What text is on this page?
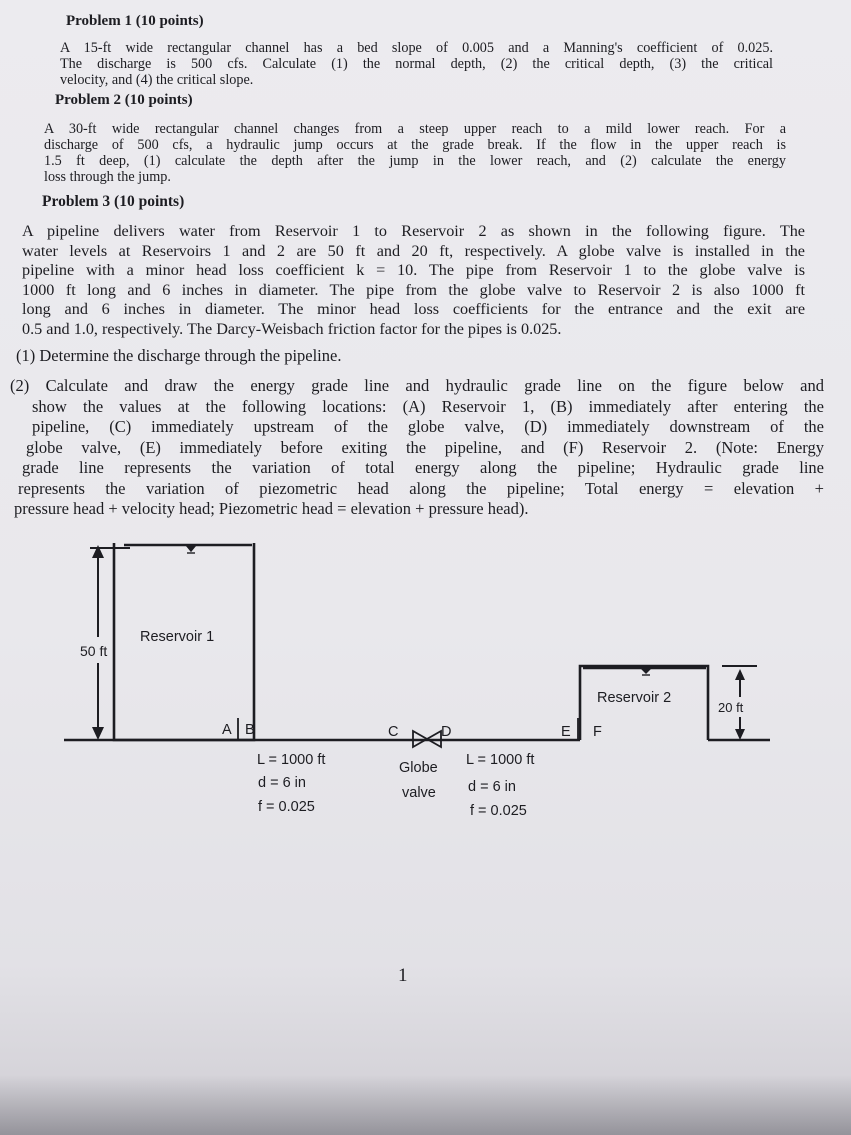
Problem 1 (10 points)
A 15-ft wide rectangular channel has a bed slope of 0.005 and a Manning's coefficient of 0.025.
The discharge is 500 cfs. Calculate (1) the normal depth, (2) the critical depth, (3) the critical
velocity, and (4) the critical slope.
Problem 2 (10 points)
A 30-ft wide rectangular channel changes from a steep upper reach to a mild lower reach. For a
discharge of 500 cfs, a hydraulic jump occurs at the grade break. If the flow in the upper reach is
1.5 ft deep, (1) calculate the depth after the jump in the lower reach, and (2) calculate the energy
loss through the jump.
Problem 3 (10 points)
A pipeline delivers water from Reservoir 1 to Reservoir 2 as shown in the following figure. The
water levels at Reservoirs 1 and 2 are 50 ft and 20 ft, respectively. A globe valve is installed in the
pipeline with a minor head loss coefficient k = 10. The pipe from Reservoir 1 to the globe valve is
1000 ft long and 6 inches in diameter. The pipe from the globe valve to Reservoir 2 is also 1000 ft
long and 6 inches in diameter. The minor head loss coefficients for the entrance and the exit are
0.5 and 1.0, respectively. The Darcy-Weisbach friction factor for the pipes is 0.025.
(1) Determine the discharge through the pipeline.
(2) Calculate and draw the energy grade line and hydraulic grade line on the figure below and
show the values at the following locations: (A) Reservoir 1, (B) immediately after entering the
pipeline, (C) immediately upstream of the globe valve, (D) immediately downstream of the
globe valve, (E) immediately before exiting the pipeline, and (F) Reservoir 2. (Note: Energy
grade line represents the variation of total energy along the pipeline; Hydraulic grade line
represents the variation of piezometric head along the pipeline; Total energy = elevation +
pressure head + velocity head; Piezometric head = elevation + pressure head).
Reservoir 1
50 ft
Reservoir 2
20 ft
A B	C	D	E F
Globe
valve
L = 1000 ft
d = 6 in
f = 0.025
L = 1000 ft
d = 6 in
f = 0.025
1
